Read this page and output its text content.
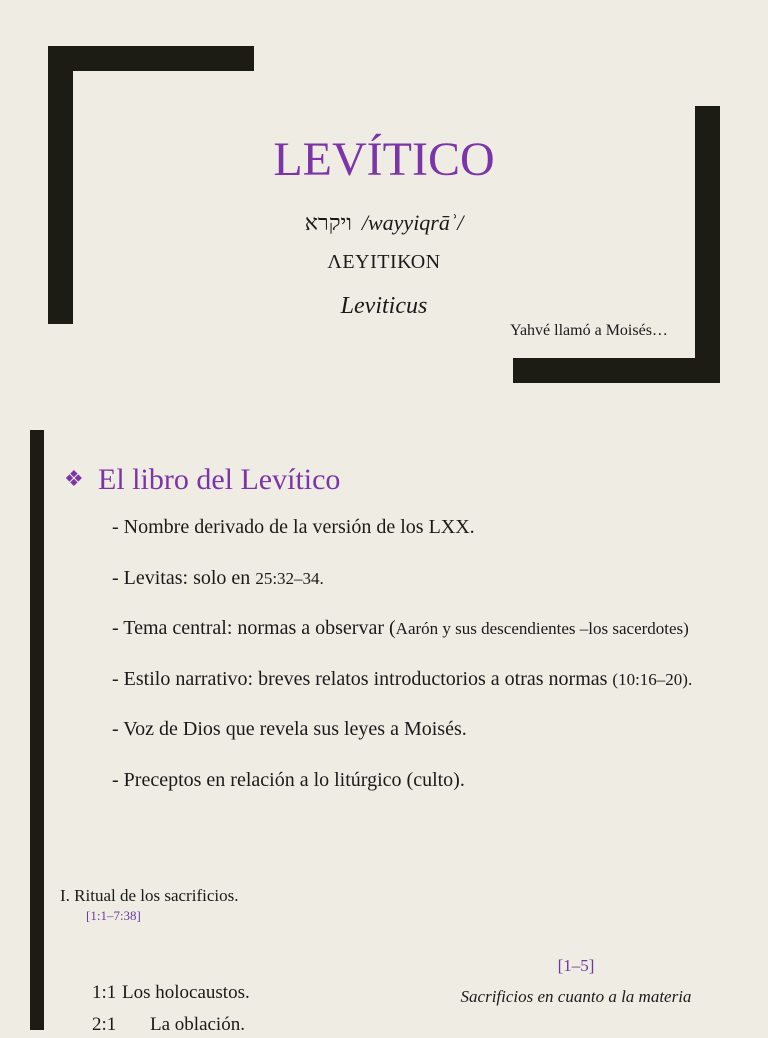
LEVÍTICO
ויקרא /wayyiqrāʾ/
ΛΕΥΙΤΙΚΟΝ
Leviticus
Yahvé llamó a Moisés…
❖ El libro del Levítico
- Nombre derivado de la versión de los LXX.
- Levitas: solo en 25:32–34.
- Tema central: normas a observar (Aarón y sus descendientes –los sacerdotes)
- Estilo narrativo: breves relatos introductorios a otras normas (10:16–20).
- Voz de Dios que revela sus leyes a Moisés.
- Preceptos en relación a lo litúrgico (culto).
I. Ritual de los sacrificios.
[1:1–7:38]
1:1 Los holocaustos.
2:1 La oblación.
[1–5]
Sacrificios en cuanto a la materia
